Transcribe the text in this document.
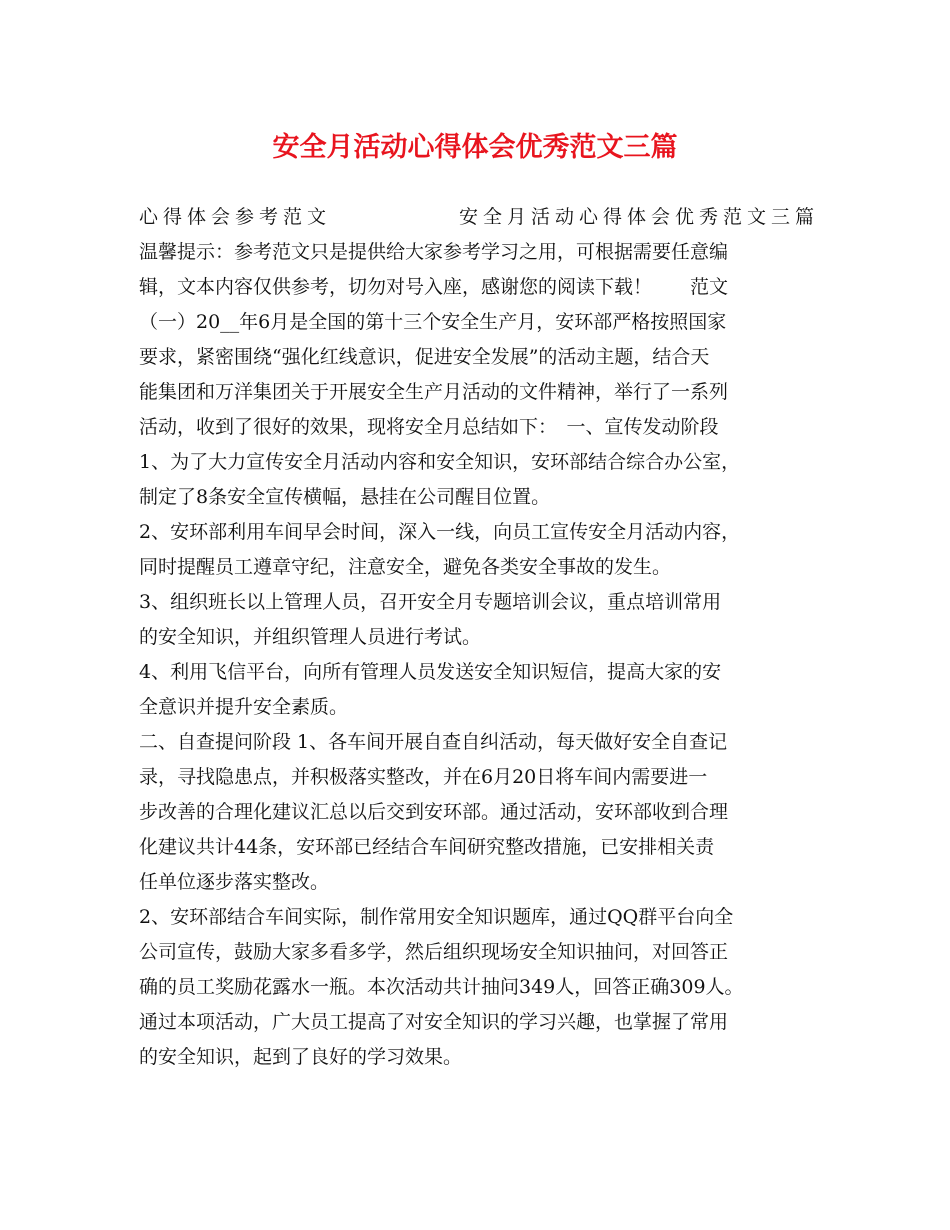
安全月活动心得体会优秀范文三篇
心得体会参考范文	安全月活动心得体会优秀范文三篇
温馨提示：参考范文只是提供给大家参考学习之用，可根据需要任意编
辑，文本内容仅供参考，切勿对号入座，感谢您的阅读下载！　　范文
（一）20__年6月是全国的第十三个安全生产月，安环部严格按照国家
要求，紧密围绕“强化红线意识，促进安全发展”的活动主题，结合天
能集团和万洋集团关于开展安全生产月活动的文件精神，举行了一系列
活动，收到了很好的效果，现将安全月总结如下：　一、宣传发动阶段
1、为了大力宣传安全月活动内容和安全知识，安环部结合综合办公室，
制定了8条安全宣传横幅，悬挂在公司醒目位置。
2、安环部利用车间早会时间，深入一线，向员工宣传安全月活动内容，
同时提醒员工遵章守纪，注意安全，避免各类安全事故的发生。
3、组织班长以上管理人员，召开安全月专题培训会议，重点培训常用
的安全知识，并组织管理人员进行考试。
4、利用飞信平台，向所有管理人员发送安全知识短信，提高大家的安
全意识并提升安全素质。
二、自查提问阶段 1、各车间开展自查自纠活动，每天做好安全自查记
录，寻找隐患点，并积极落实整改，并在6月20日将车间内需要进一
步改善的合理化建议汇总以后交到安环部。通过活动，安环部收到合理
化建议共计44条，安环部已经结合车间研究整改措施，已安排相关责
任单位逐步落实整改。
2、安环部结合车间实际，制作常用安全知识题库，通过QQ群平台向全
公司宣传，鼓励大家多看多学，然后组织现场安全知识抽问，对回答正
确的员工奖励花露水一瓶。本次活动共计抽问349人，回答正确309人。
通过本项活动，广大员工提高了对安全知识的学习兴趣，也掌握了常用
的安全知识，起到了良好的学习效果。
